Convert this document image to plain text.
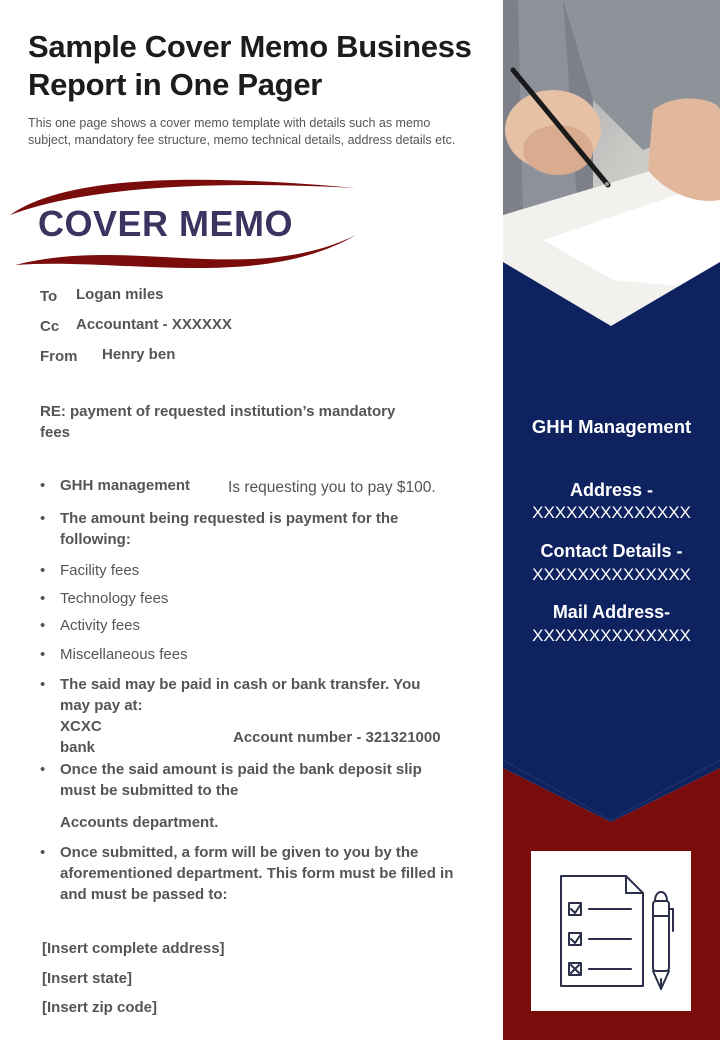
Sample Cover Memo Business
Report in One Pager
This one page shows a cover memo template with details such as memo subject, mandatory fee structure, memo technical details, address details etc.
COVER MEMO
To Logan miles
Cc Accountant - XXXXXX
From Henry ben
RE: payment of requested institution’s mandatory fees
• GHH management	Is requesting you to pay $100.
• The amount being requested is payment for the following:
• Facility fees
• Technology fees
• Activity fees
• Miscellaneous fees
• The said may be paid in cash or bank transfer. You may pay at:
XCXC
bank
Account number - 321321000
• Once the said amount is paid the bank deposit slip must be submitted to the
Accounts department.
• Once submitted, a form will be given to you by the aforementioned department. This form must be filled in and must be passed to:
[Insert complete address]
[Insert state]
[Insert zip code]
GHH Management
Address -
XXXXXXXXXXXXXX
Contact Details -
XXXXXXXXXXXXXX
Mail Address-
XXXXXXXXXXXXXX
